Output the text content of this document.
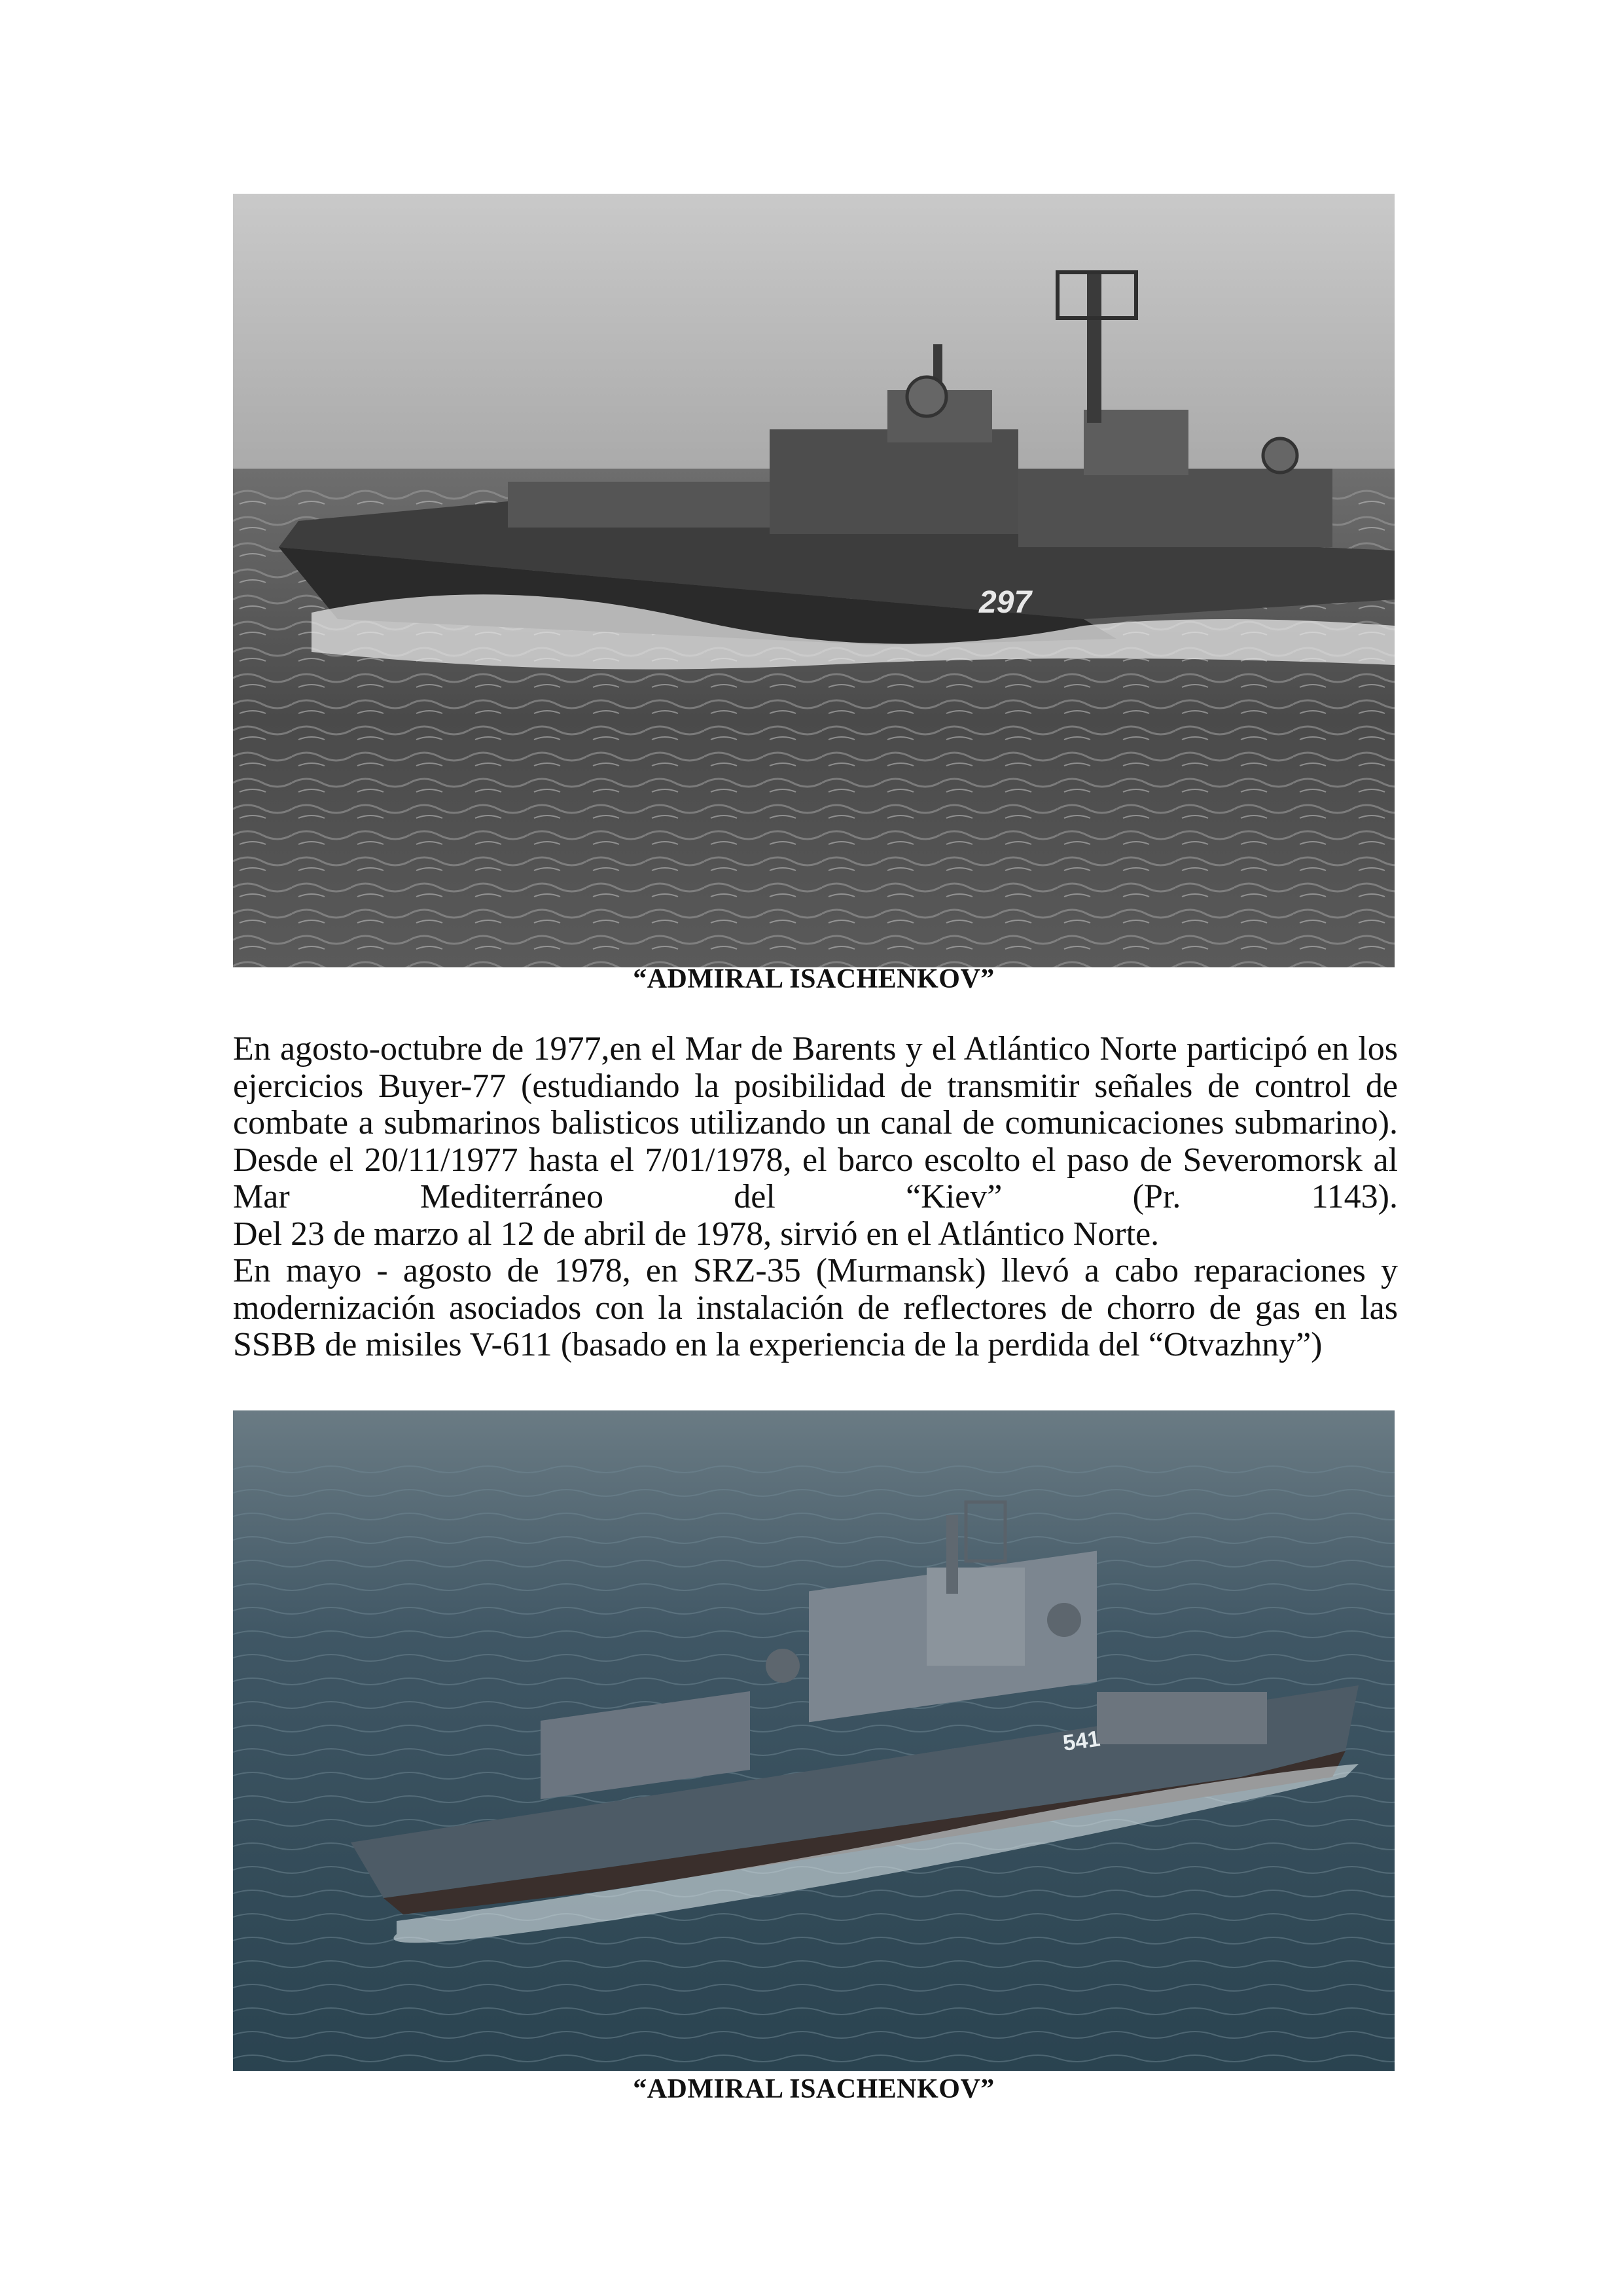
297
“ADMIRAL ISACHENKOV”

En agosto-octubre de 1977,en el Mar de Barents y el Atlántico Norte participó en los ejercicios Buyer-77 (estudiando la posibilidad de transmitir señales de control de combate a submarinos balisticos utilizando un canal de comunicaciones submarino).

Desde el 20/11/1977 hasta el 7/01/1978, el barco escolto el paso de Severomorsk al Mar Mediterráneo del “Kiev” (Pr. 1143).

Del 23 de marzo al 12 de abril de 1978, sirvió en el Atlántico Norte.

En mayo - agosto de 1978, en SRZ-35 (Murmansk) llevó a cabo reparaciones y modernización asociados con la instalación de reflectores de chorro de gas en las SSBB de misiles V-611 (basado en la experiencia de la perdida del “Otvazhny”)

541
“ADMIRAL ISACHENKOV”
